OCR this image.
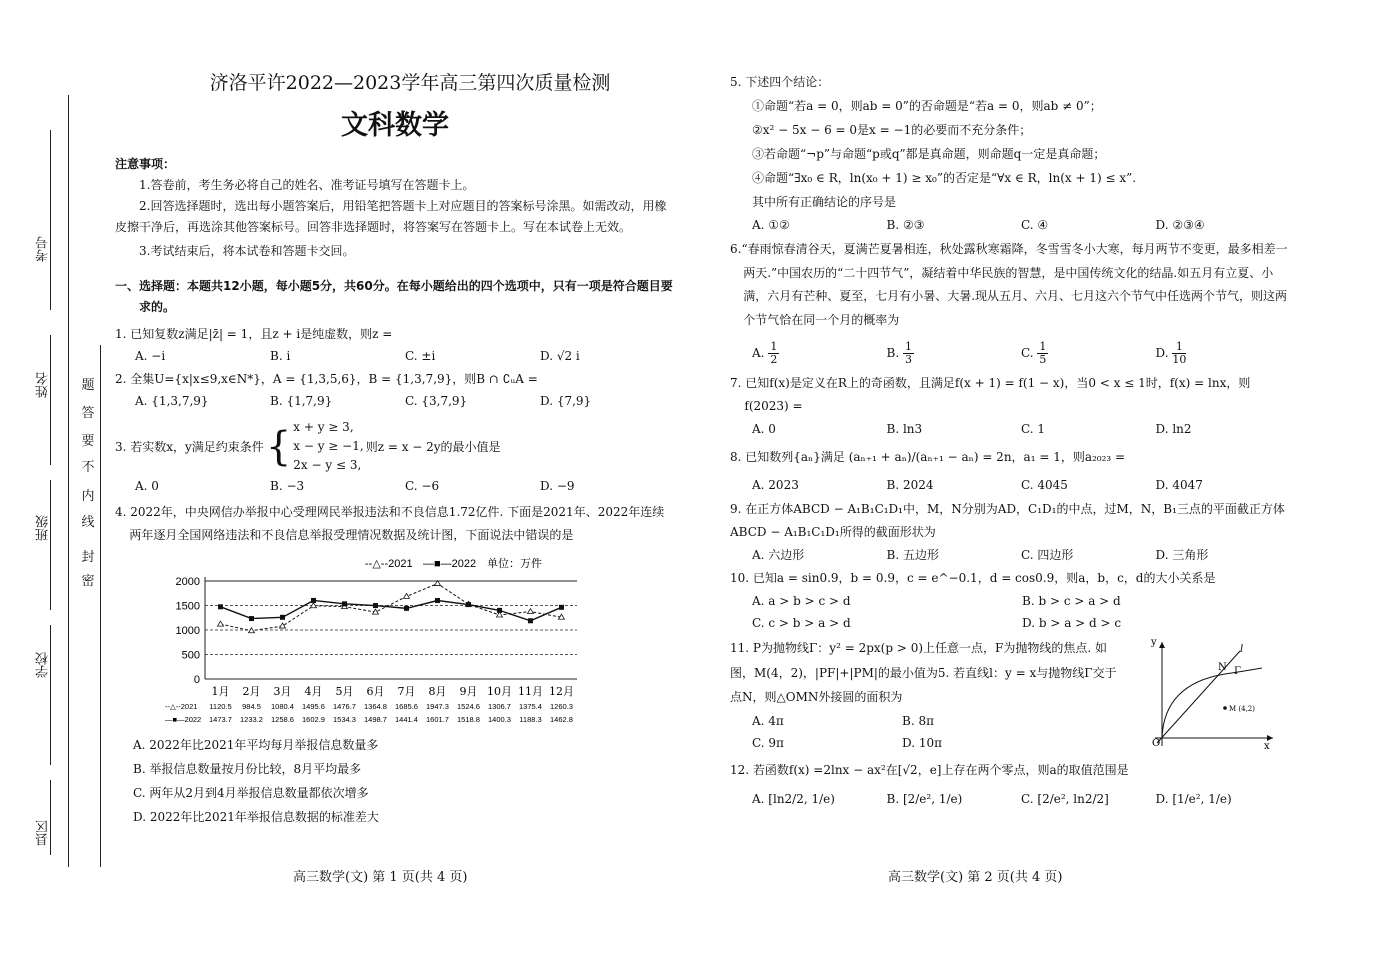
考号
姓名
班级
学校
县区
密
封
线
内
不
要
答
题
济洛平许2022—2023学年高三第四次质量检测
文科数学
注意事项：
1.答卷前，考生务必将自己的姓名、准考证号填写在答题卡上。
2.回答选择题时，选出每小题答案后，用铅笔把答题卡上对应题目的答案标号涂黑。如需改动，用橡皮擦干净后，再选涂其他答案标号。回答非选择题时，将答案写在答题卡上。写在本试卷上无效。
3.考试结束后，将本试卷和答题卡交回。
一、选择题：本题共12小题，每小题5分，共60分。在每小题给出的四个选项中，只有一项是符合题目要求的。
1. 已知复数z满足|z̄| = 1，且z + i是纯虚数，则z =
A. −i	B. i	C. ±i	D. √2 i
2. 全集U={x|x≤9,x∈N*}，A = {1,3,5,6}，B = {1,3,7,9}，则B ∩ ∁ᵤA =
A. {1,3,7,9}	B. {1,7,9}	C. {3,7,9}	D. {7,9}
3. 若实数x，y满足约束条件 { x + y ≥ 3,
x − y ≥ −1,
2x − y ≤ 3,
则z = x − 2y的最小值是
A. 0	B. −3	C. −6	D. −9
4. 2022年，中央网信办举报中心受理网民举报违法和不良信息1.72亿件. 下面是2021年、2022年连续两年逐月全国网络违法和不良信息举报受理情况数据及统计图，下面说法中错误的是
--△--2021 —■—2022 单位：万件
2000
1500
1000
500
0
1月 2月 3月 4月 5月 6月 7月 8月 9月 10月 11月 12月
--△--2021 1120.5 984.5 1080.4 1495.6 1476.7 1364.8 1685.6 1947.3 1524.6 1306.7 1375.4 1260.3
—■—2022 1473.7 1233.2 1258.6 1602.9 1534.3 1498.7 1441.4 1601.7 1518.8 1400.3 1188.3 1462.8
A. 2022年比2021年平均每月举报信息数量多
B. 举报信息数量按月份比较，8月平均最多
C. 两年从2月到4月举报信息数量都依次增多
D. 2022年比2021年举报信息数据的标准差大
高三数学(文) 第 1 页(共 4 页)
5. 下述四个结论：
①命题“若a = 0，则ab = 0”的否命题是“若a = 0，则ab ≠ 0”；
②x² − 5x − 6 = 0是x = −1的必要而不充分条件；
③若命题“¬p”与命题“p或q”都是真命题，则命题q一定是真命题；
④命题“∃x₀ ∈ R，ln(x₀ + 1) ≥ x₀”的否定是“∀x ∈ R，ln(x + 1) ≤ x”.
其中所有正确结论的序号是
A. ①②	B. ②③	C. ④	D. ②③④
6.“春雨惊春清谷天，夏满芒夏暑相连，秋处露秋寒霜降，冬雪雪冬小大寒，每月两节不变更，最多相差一两天.”中国农历的“二十四节气”，凝结着中华民族的智慧，是中国传统文化的结晶.如五月有立夏、小满，六月有芒种、夏至，七月有小暑、大暑.现从五月、六月、七月这六个节气中任选两个节气，则这两个节气恰在同一个月的概率为
A. $\frac{1}{2}$	B. $\frac{1}{3}$	C. $\frac{1}{5}$	D. $\frac{1}{10}$
7. 已知f(x)是定义在R上的奇函数，且满足f(x + 1) = f(1 − x)，当0 < x ≤ 1时，f(x) = lnx，则f(2023) =
A. 0	B. ln3	C. 1	D. ln2
8. 已知数列{aₙ}满足 (aₙ₊₁ + aₙ)/(aₙ₊₁ − aₙ) = 2n，a₁ = 1，则a₂₀₂₃ =
A. 2023	B. 2024	C. 4045	D. 4047
9. 在正方体ABCD − A₁B₁C₁D₁中，M，N分别为AD，C₁D₁的中点，过M，N，B₁三点的平面截正方体ABCD − A₁B₁C₁D₁所得的截面形状为
A. 六边形	B. 五边形	C. 四边形	D. 三角形
10. 已知a = sin0.9，b = 0.9，c = e^−0.1，d = cos0.9，则a，b，c，d的大小关系是
A. a > b > c > d	B. b > c > a > d
C. c > b > a > d	D. b > a > d > c
11. P为抛物线Γ：y² = 2px(p > 0)上任意一点，F为抛物线的焦点. 如图，M(4，2)，|PF|+|PM|的最小值为5. 若直线l：y = x与抛物线Γ交于点N，则△OMN外接圆的面积为
A. 4π	B. 8π
C. 9π	D. 10π
y
x
O
N
l
Γ
M (4,2)
12. 若函数f(x) =2lnx − ax²在[√2，e]上存在两个零点，则a的取值范围是
A. [ln2/2, 1/e)	B. [2/e², 1/e)	C. [2/e², ln2/2]	D. [1/e², 1/e)
高三数学(文) 第 2 页(共 4 页)
